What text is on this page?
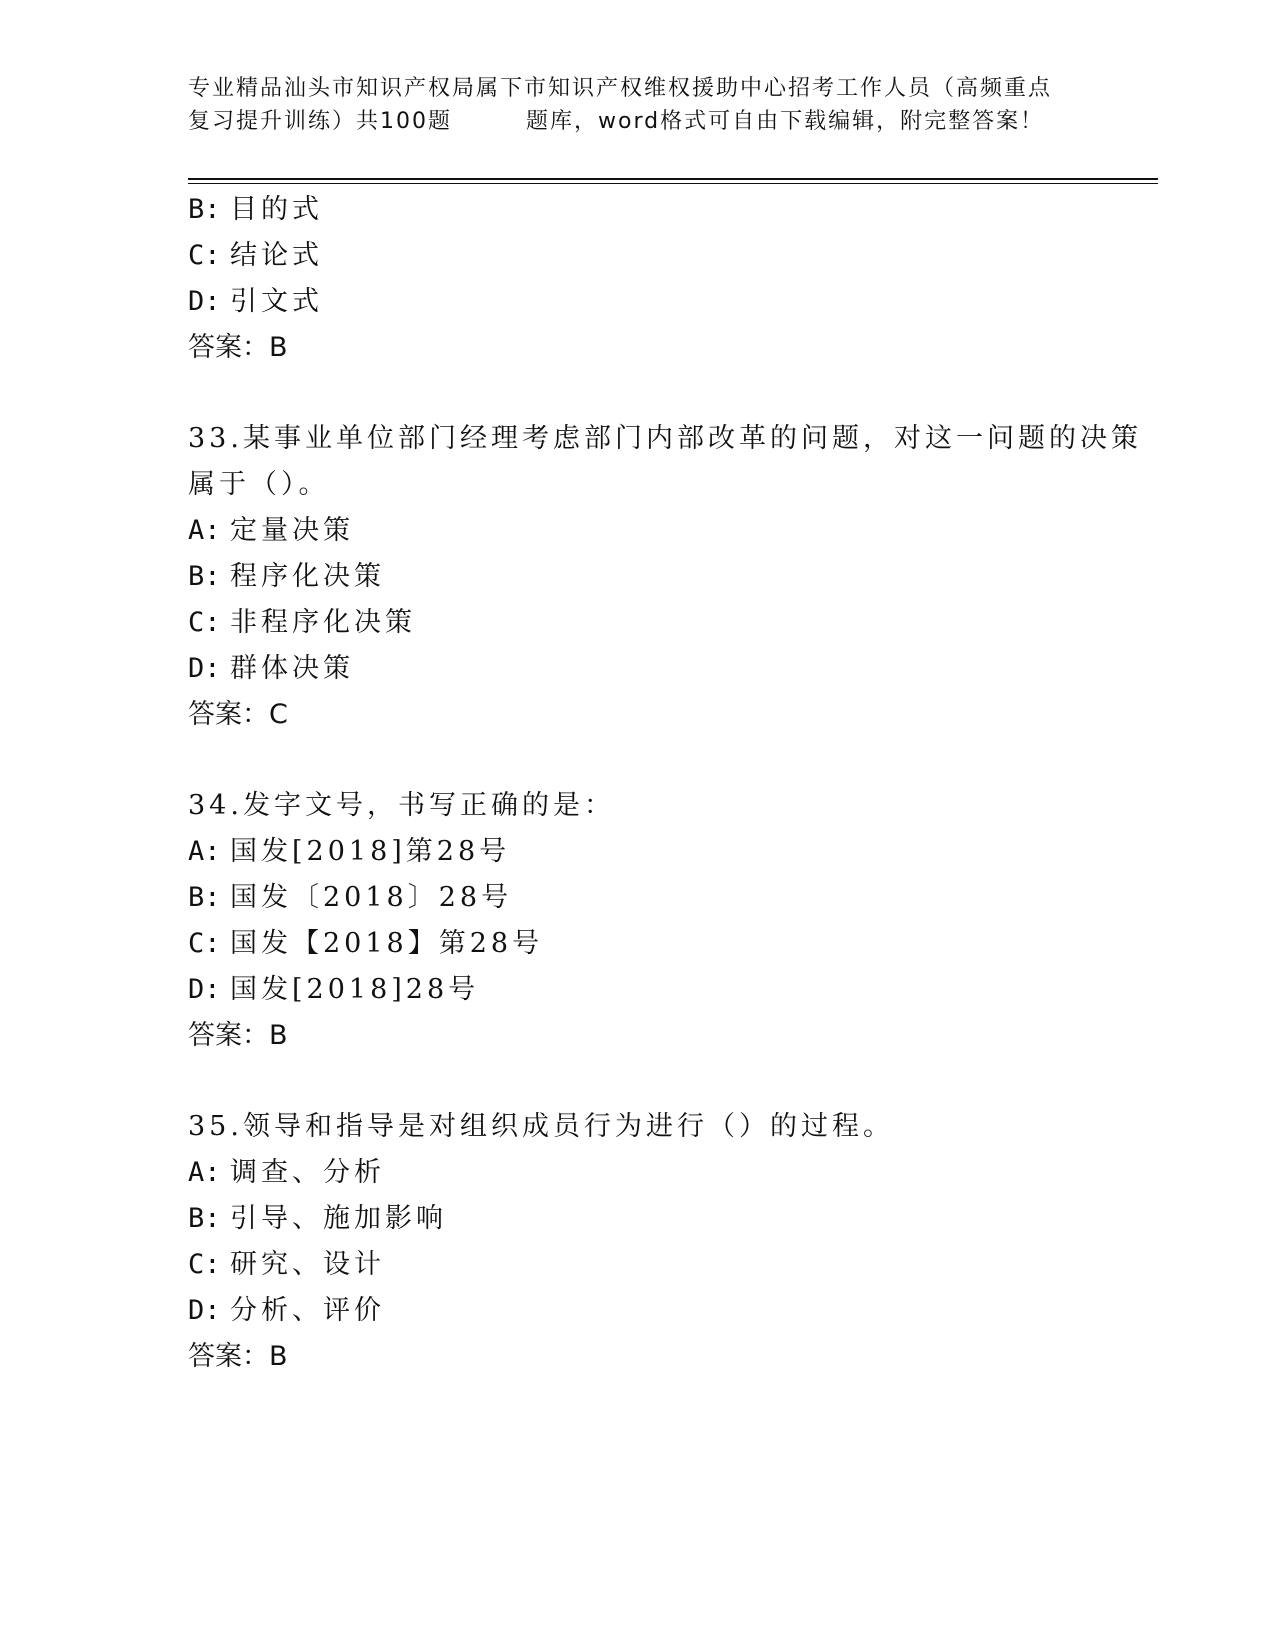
专业精品汕头市知识产权局属下市知识产权维权援助中心招考工作人员（高频重点
复习提升训练）共100题	题库，word格式可自由下载编辑，附完整答案！
B: 目的式
C: 结论式
D: 引文式
答案：B
33.某事业单位部门经理考虑部门内部改革的问题，对这一问题的决策
属于（）。
A: 定量决策
B: 程序化决策
C: 非程序化决策
D: 群体决策
答案：C
34.发字文号，书写正确的是：
A: 国发[2018]第28号
B: 国发〔2018〕28号
C: 国发【2018】第28号
D: 国发[2018]28号
答案：B
35.领导和指导是对组织成员行为进行（）的过程。
A: 调查、分析
B: 引导、施加影响
C: 研究、设计
D: 分析、评价
答案：B
